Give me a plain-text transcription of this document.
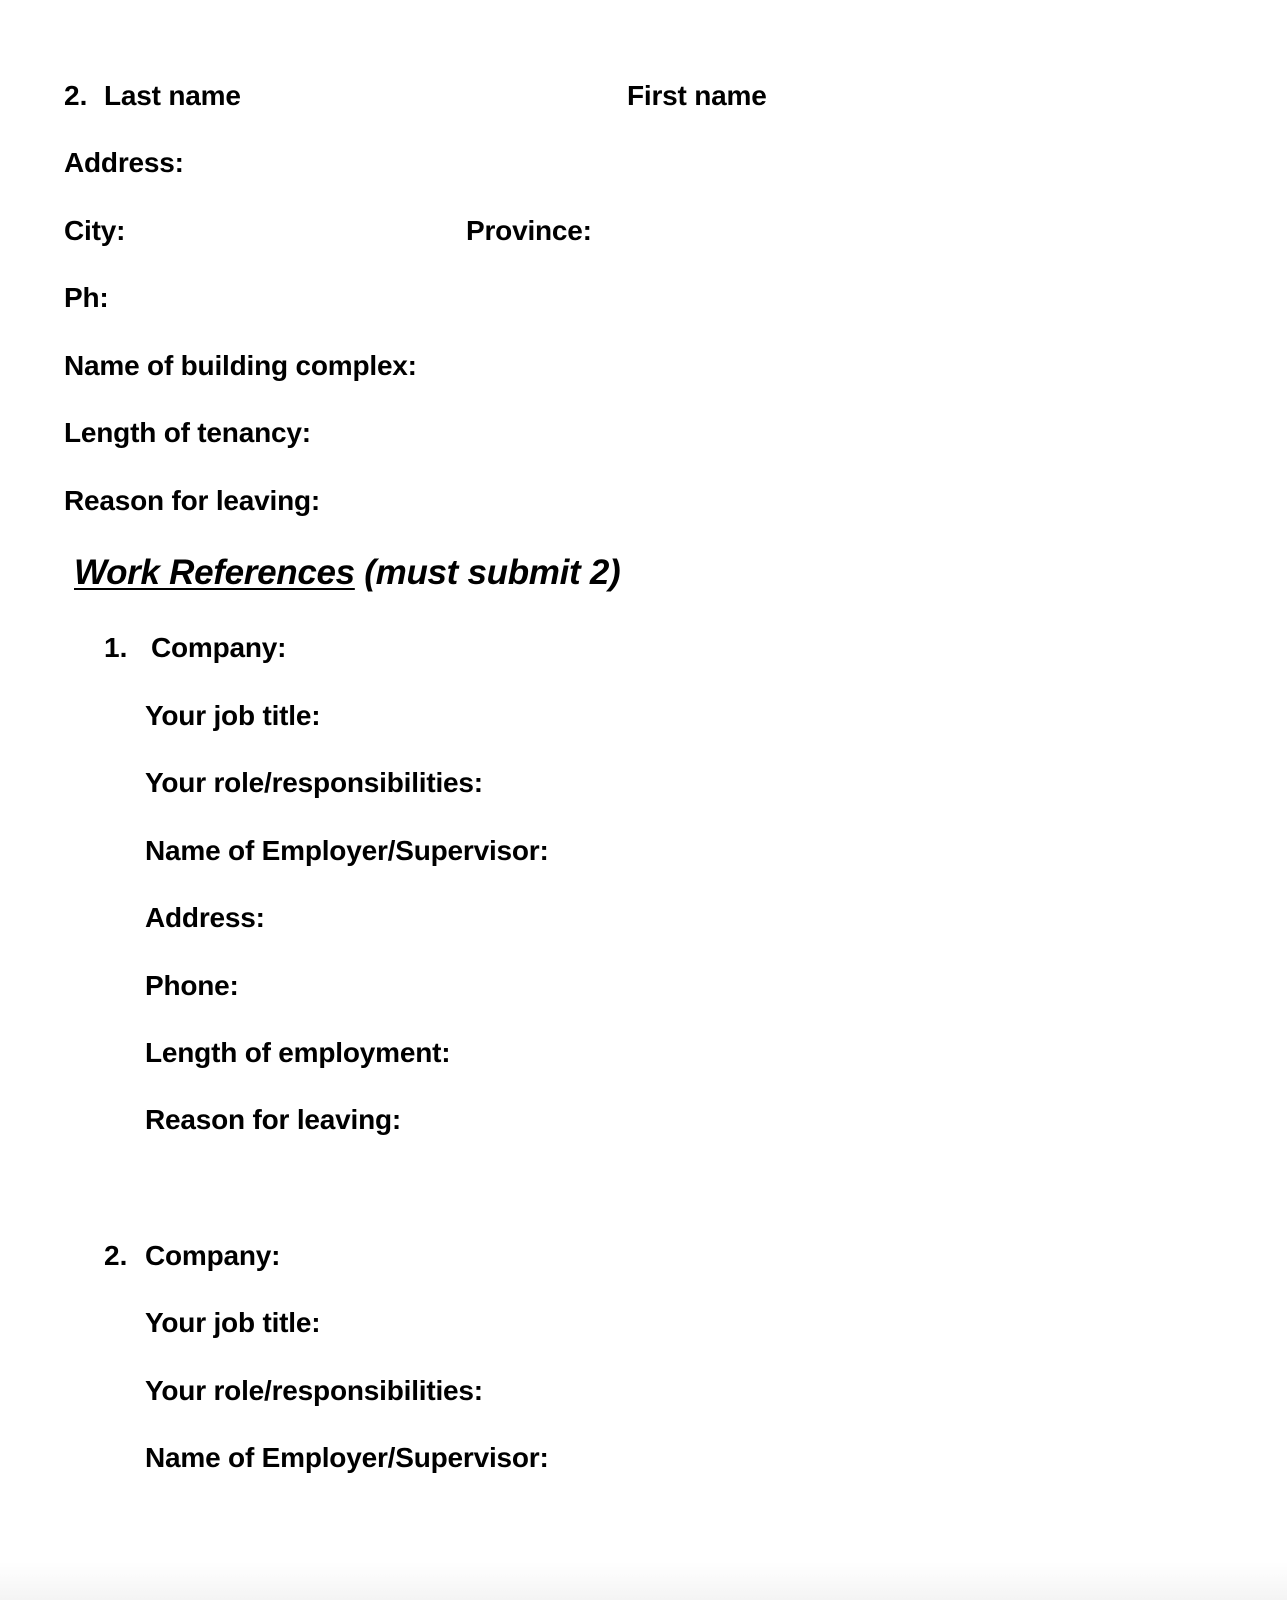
2. Last name	First name
Address:
City:	Province:
Ph:
Name of building complex:
Length of tenancy:
Reason for leaving:
Work References (must submit 2)
1. Company:
Your job title:
Your role/responsibilities:
Name of Employer/Supervisor:
Address:
Phone:
Length of employment:
Reason for leaving:
2. Company:
Your job title:
Your role/responsibilities:
Name of Employer/Supervisor:
